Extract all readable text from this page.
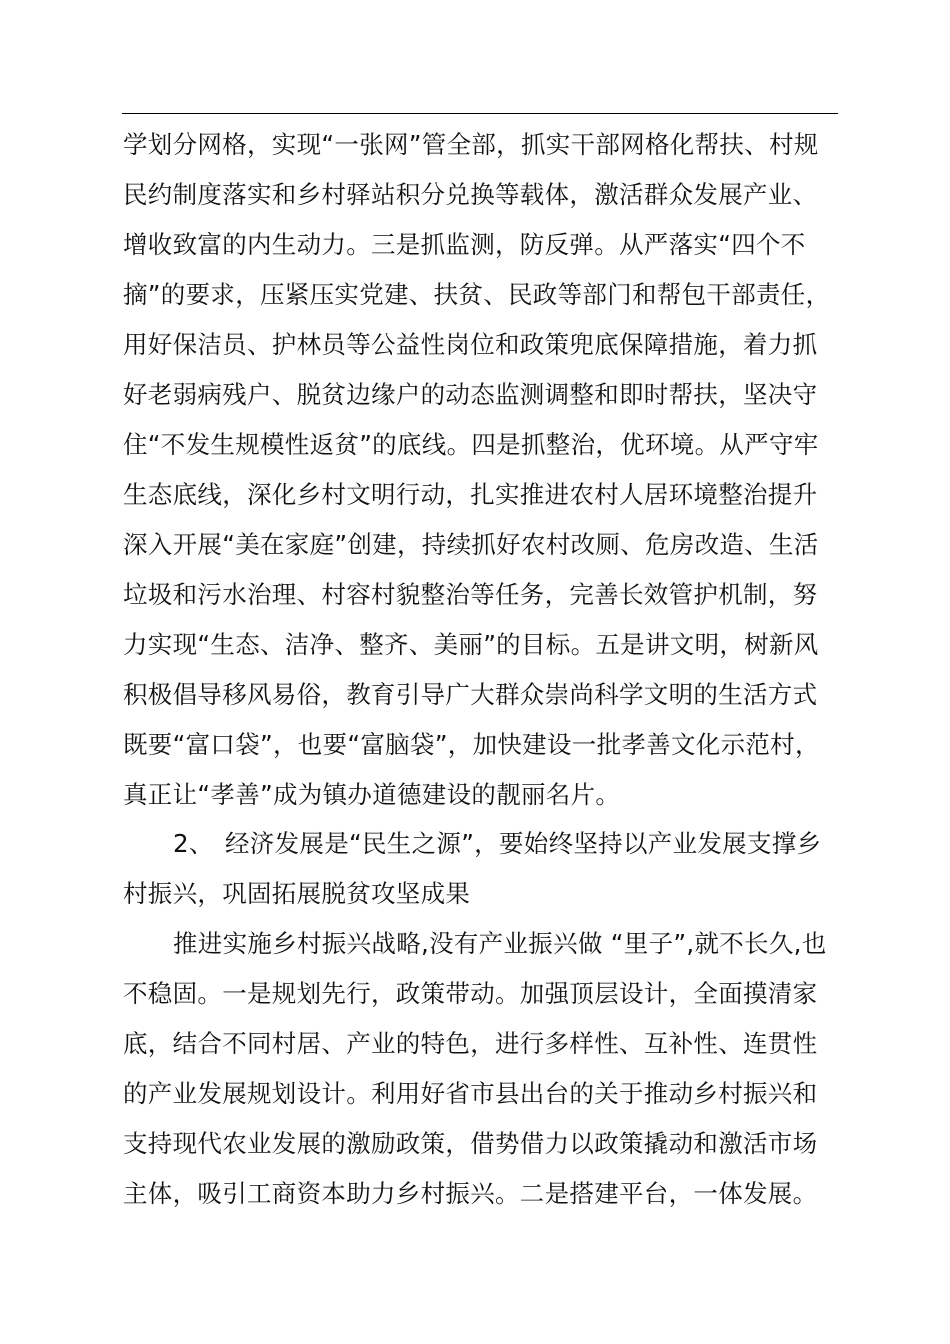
学划分网格，实现“一张网”管全部，抓实干部网格化帮扶、村规
民约制度落实和乡村驿站积分兑换等载体，激活群众发展产业、
增收致富的内生动力。三是抓监测，防反弹。从严落实“四个不
摘”的要求，压紧压实党建、扶贫、民政等部门和帮包干部责任，
用好保洁员、护林员等公益性岗位和政策兜底保障措施，着力抓
好老弱病残户、脱贫边缘户的动态监测调整和即时帮扶，坚决守
住“不发生规模性返贫”的底线。四是抓整治，优环境。从严守牢
生态底线，深化乡村文明行动，扎实推进农村人居环境整治提升
深入开展“美在家庭”创建，持续抓好农村改厕、危房改造、生活
垃圾和污水治理、村容村貌整治等任务，完善长效管护机制，努
力实现“生态、洁净、整齐、美丽”的目标。五是讲文明，树新风
积极倡导移风易俗，教育引导广大群众崇尚科学文明的生活方式
既要“富口袋”，也要“富脑袋”，加快建设一批孝善文化示范村，
真正让“孝善”成为镇办道德建设的靓丽名片。
2、 经济发展是“民生之源”，要始终坚持以产业发展支撑乡
村振兴，巩固拓展脱贫攻坚成果
推进实施乡村振兴战略,没有产业振兴做 “里子”,就不长久,也
不稳固。一是规划先行，政策带动。加强顶层设计，全面摸清家
底，结合不同村居、产业的特色，进行多样性、互补性、连贯性
的产业发展规划设计。利用好省市县出台的关于推动乡村振兴和
支持现代农业发展的激励政策，借势借力以政策撬动和激活市场
主体，吸引工商资本助力乡村振兴。二是搭建平台，一体发展。
